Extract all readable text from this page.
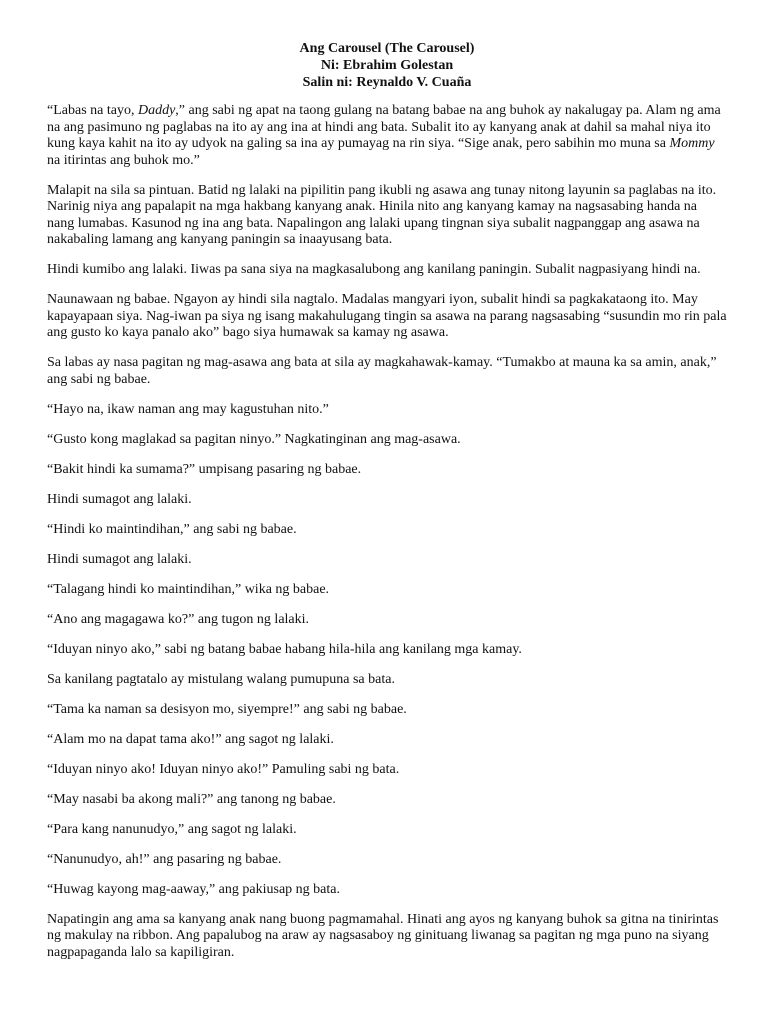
Ang Carousel (The Carousel)
Ni: Ebrahim Golestan
Salin ni: Reynaldo V. Cuaña

“Labas na tayo, Daddy,” ang sabi ng apat na taong gulang na batang babae na ang buhok ay nakalugay pa. Alam ng ama na ang pasimuno ng paglabas na ito ay ang ina at hindi ang bata. Subalit ito ay kanyang anak at dahil sa mahal niya ito kung kaya kahit na ito ay udyok na galing sa ina ay pumayag na rin siya. “Sige anak, pero sabihin mo muna sa Mommy na itirintas ang buhok mo.”

Malapit na sila sa pintuan. Batid ng lalaki na pipilitin pang ikubli ng asawa ang tunay nitong layunin sa paglabas na ito. Narinig niya ang papalapit na mga hakbang kanyang anak. Hinila nito ang kanyang kamay na nagsasabing handa na nang lumabas. Kasunod ng ina ang bata. Napalingon ang lalaki upang tingnan siya subalit nagpanggap ang asawa na nakabaling lamang ang kanyang paningin sa inaayusang bata.

Hindi kumibo ang lalaki. Iiwas pa sana siya na magkasalubong ang kanilang paningin. Subalit nagpasiyang hindi na.

Naunawaan ng babae. Ngayon ay hindi sila nagtalo. Madalas mangyari iyon, subalit hindi sa pagkakataong ito. May kapayapaan siya. Nag-iwan pa siya ng isang makahulugang tingin sa asawa na parang nagsasabing “susundin mo rin pala ang gusto ko kaya panalo ako” bago siya humawak sa kamay ng asawa.

Sa labas ay nasa pagitan ng mag-asawa ang bata at sila ay magkahawak-kamay. “Tumakbo at mauna ka sa amin, anak,” ang sabi ng babae.

“Hayo na, ikaw naman ang may kagustuhan nito.”

“Gusto kong maglakad sa pagitan ninyo.” Nagkatinginan ang mag-asawa.

“Bakit hindi ka sumama?” umpisang pasaring ng babae.

Hindi sumagot ang lalaki.

“Hindi ko maintindihan,” ang sabi ng babae.

Hindi sumagot ang lalaki.

“Talagang hindi ko maintindihan,” wika ng babae.

“Ano ang magagawa ko?” ang tugon ng lalaki.

“Iduyan ninyo ako,” sabi ng batang babae habang hila-hila ang kanilang mga kamay.

Sa kanilang pagtatalo ay mistulang walang pumupuna sa bata.

“Tama ka naman sa desisyon mo, siyempre!” ang sabi ng babae.

“Alam mo na dapat tama ako!” ang sagot ng lalaki.

“Iduyan ninyo ako! Iduyan ninyo ako!” Pamuling sabi ng bata.

“May nasabi ba akong mali?” ang tanong ng babae.

“Para kang nanunudyo,” ang sagot ng lalaki.

“Nanunudyo, ah!” ang pasaring ng babae.

“Huwag kayong mag-aaway,” ang pakiusap ng bata.

Napatingin ang ama sa kanyang anak nang buong pagmamahal. Hinati ang ayos ng kanyang buhok sa gitna na tinirintas ng makulay na ribbon. Ang papalubog na araw ay nagsasaboy ng ginituang liwanag sa pagitan ng mga puno na siyang nagpapaganda lalo sa kapiligiran.
